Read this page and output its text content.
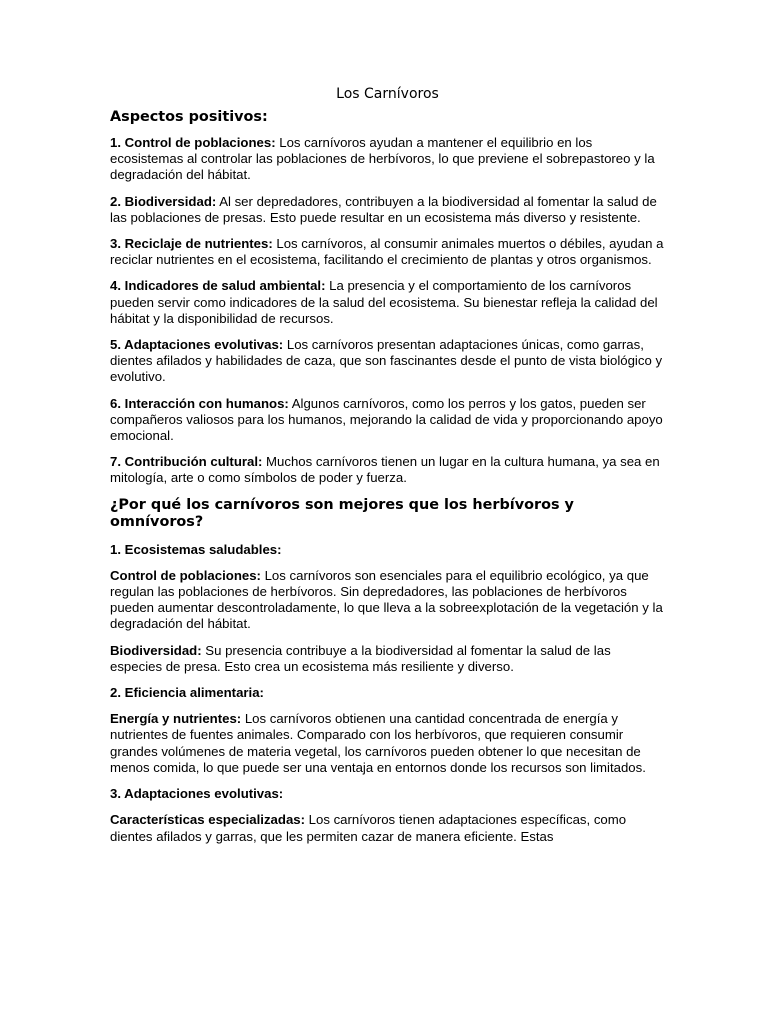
Los Carnívoros
Aspectos positivos:
1. Control de poblaciones: Los carnívoros ayudan a mantener el equilibrio en los ecosistemas al controlar las poblaciones de herbívoros, lo que previene el sobrepastoreo y la degradación del hábitat.
2. Biodiversidad: Al ser depredadores, contribuyen a la biodiversidad al fomentar la salud de las poblaciones de presas. Esto puede resultar en un ecosistema más diverso y resistente.
3. Reciclaje de nutrientes: Los carnívoros, al consumir animales muertos o débiles, ayudan a reciclar nutrientes en el ecosistema, facilitando el crecimiento de plantas y otros organismos.
4. Indicadores de salud ambiental: La presencia y el comportamiento de los carnívoros pueden servir como indicadores de la salud del ecosistema. Su bienestar refleja la calidad del hábitat y la disponibilidad de recursos.
5. Adaptaciones evolutivas: Los carnívoros presentan adaptaciones únicas, como garras, dientes afilados y habilidades de caza, que son fascinantes desde el punto de vista biológico y evolutivo.
6. Interacción con humanos: Algunos carnívoros, como los perros y los gatos, pueden ser compañeros valiosos para los humanos, mejorando la calidad de vida y proporcionando apoyo emocional.
7. Contribución cultural: Muchos carnívoros tienen un lugar en la cultura humana, ya sea en mitología, arte o como símbolos de poder y fuerza.
¿Por qué los carnívoros son mejores que los herbívoros y omnívoros?
1. Ecosistemas saludables:
Control de poblaciones: Los carnívoros son esenciales para el equilibrio ecológico, ya que regulan las poblaciones de herbívoros. Sin depredadores, las poblaciones de herbívoros pueden aumentar descontroladamente, lo que lleva a la sobreexplotación de la vegetación y la degradación del hábitat.
Biodiversidad: Su presencia contribuye a la biodiversidad al fomentar la salud de las especies de presa. Esto crea un ecosistema más resiliente y diverso.
2. Eficiencia alimentaria:
Energía y nutrientes: Los carnívoros obtienen una cantidad concentrada de energía y nutrientes de fuentes animales. Comparado con los herbívoros, que requieren consumir grandes volúmenes de materia vegetal, los carnívoros pueden obtener lo que necesitan de menos comida, lo que puede ser una ventaja en entornos donde los recursos son limitados.
3. Adaptaciones evolutivas:
Características especializadas: Los carnívoros tienen adaptaciones específicas, como dientes afilados y garras, que les permiten cazar de manera eficiente. Estas
